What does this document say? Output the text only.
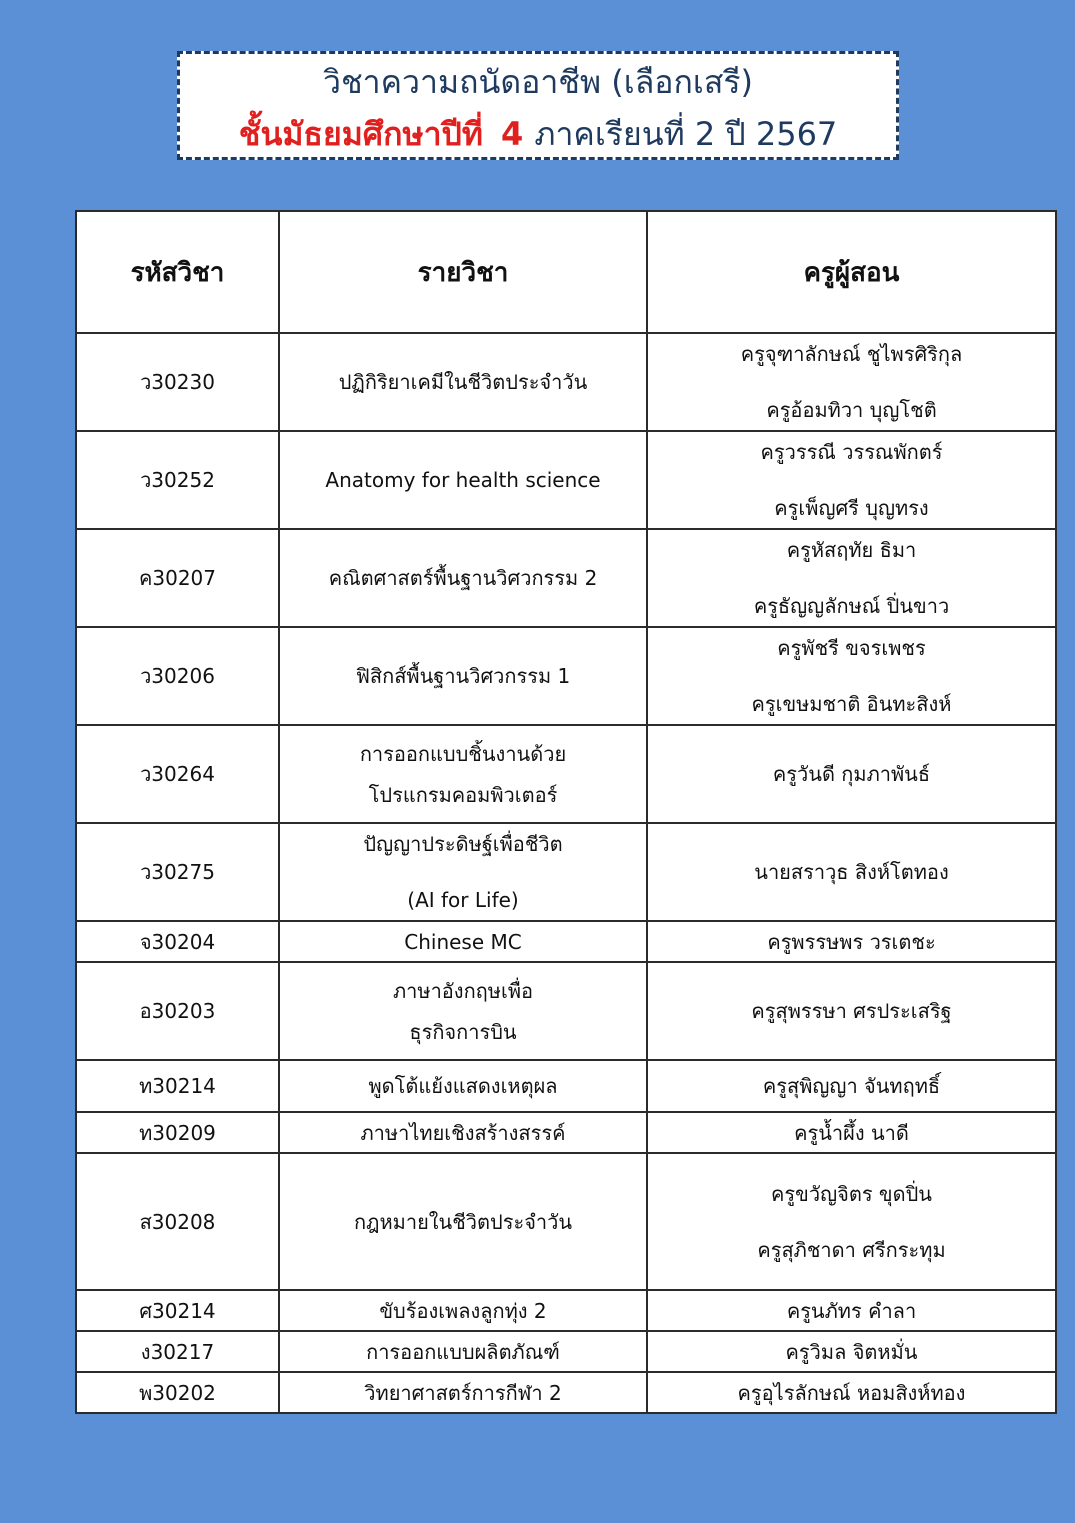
วิชาความถนัดอาชีพ (เลือกเสรี)
ชั้นมัธยมศึกษาปีที่ 4 ภาคเรียนที่ 2 ปี 2567
รหัสวิชา	รายวิชา	ครูผู้สอน
ว30230	ปฏิกิริยาเคมีในชีวิตประจำวัน	ครูจุฑาลักษณ์ ชูไพรศิริกุล
ครูอ้อมทิวา บุญโชติ

ว30252	Anatomy for health science	ครูวรรณี วรรณพักตร์
ครูเพ็ญศรี บุญทรง

ค30207	คณิตศาสตร์พื้นฐานวิศวกรรม 2	ครูหัสฤทัย ธิมา
ครูธัญญลักษณ์ ปิ่นขาว

ว30206	ฟิสิกส์พื้นฐานวิศวกรรม 1	ครูพัชรี ขจรเพชร
ครูเขษมชาติ อินทะสิงห์

ว30264	การออกแบบชิ้นงานด้วย
โปรแกรมคอมพิวเตอร์	ครูวันดี กุมภาพันธ์

ว30275	ปัญญาประดิษฐ์เพื่อชีวิต
(AI for Life)	นายสราวุธ สิงห์โตทอง

จ30204	Chinese MC	ครูพรรษพร วรเตชะ

อ30203	ภาษาอังกฤษเพื่อ
ธุรกิจการบิน	ครูสุพรรษา ศรประเสริฐ

ท30214	พูดโต้แย้งแสดงเหตุผล	ครูสุพิญญา จันทฤทธิ์

ท30209	ภาษาไทยเชิงสร้างสรรค์	ครูน้ำผึ้ง นาดี

ส30208	กฎหมายในชีวิตประจำวัน	ครูขวัญจิตร ขุดปิ่น
ครูสุภิชาดา ศรีกระทุม

ศ30214	ขับร้องเพลงลูกทุ่ง 2	ครูนภัทร คำลา

ง30217	การออกแบบผลิตภัณฑ์	ครูวิมล จิตหมั่น

พ30202	วิทยาศาสตร์การกีฬา 2	ครูอุไรลักษณ์ หอมสิงห์ทอง
